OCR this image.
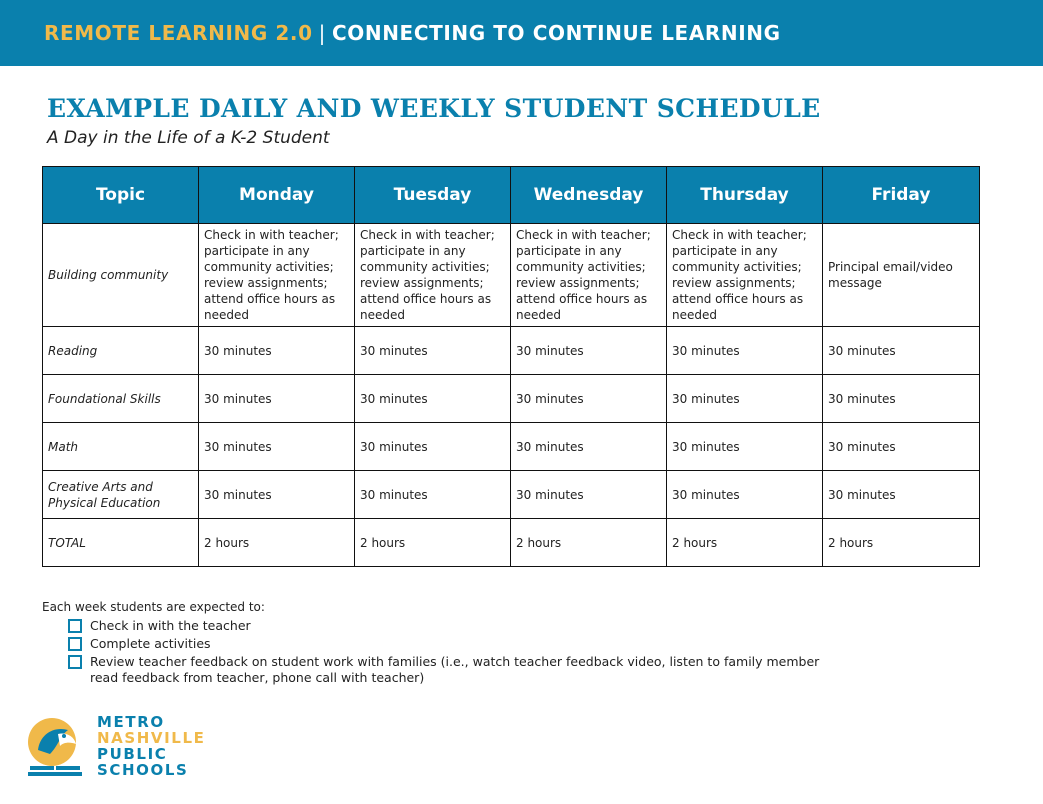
REMOTE LEARNING 2.0 | CONNECTING TO CONTINUE LEARNING
EXAMPLE DAILY AND WEEKLY STUDENT SCHEDULE
A Day in the Life of a K-2 Student
Topic	Monday	Tuesday	Wednesday	Thursday	Friday
Building community	Check in with teacher; participate in any community activities; review assignments; attend office hours as needed	Check in with teacher; participate in any community activities; review assignments; attend office hours as needed	Check in with teacher; participate in any community activities; review assignments; attend office hours as needed	Check in with teacher; participate in any community activities; review assignments; attend office hours as needed	Principal email/video message
Reading	30 minutes	30 minutes	30 minutes	30 minutes	30 minutes
Foundational Skills	30 minutes	30 minutes	30 minutes	30 minutes	30 minutes
Math	30 minutes	30 minutes	30 minutes	30 minutes	30 minutes
Creative Arts and Physical Education	30 minutes	30 minutes	30 minutes	30 minutes	30 minutes
TOTAL	2 hours	2 hours	2 hours	2 hours	2 hours
Each week students are expected to:
Check in with the teacher
Complete activities
Review teacher feedback on student work with families (i.e., watch teacher feedback video, listen to family member read feedback from teacher, phone call with teacher)
METRO
NASHVILLE
PUBLIC
SCHOOLS
